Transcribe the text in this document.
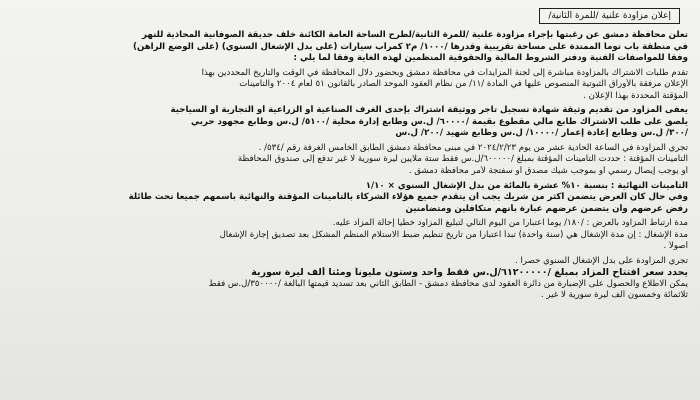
إعلان مزاودة علنية /للمرة الثانية/
تعلن محافظة دمشق عن رغبتها بإجراء مزاودة علنية /للمرة الثانية/لطرح الساحة العامة الكائنة خلف حديقة الصوفانية المحاذية للنهر
في منطقة باب توما الممتدة على مساحة تقريبية وقدرها /١٠٠٠/ م٢ كمرآب سيارات (على بدل الإشغال السنوي) (على الوضع الراهن)
وفقاً للمواصفات الفنية ودفتر الشروط المالية والحقوقية المنظمين لهذه الغاية وفقاً لما يلي :
تقدم طلبات الاشتراك بالمزاودة مباشرة إلى لجنة المزايدات في محافظة دمشق وبحضور دلال المحافظة في الوقت والتاريخ المحددين بهذا
الإعلان مرفقة بالأوراق الثبوتية المنصوص عليها في المادة /١١/ من نظام العقود الموحد الصادر بالقانون ٥١ لعام ٢٠٠٤ والتأمينات
المؤقتة المحددة بهذا الإعلان .
يعفى المزاود من تقديم وثيقة شهادة تسجيل تاجر ووثيقة اشتراك بإحدى الغرف الصناعية أو الزراعية أو التجارية أو السياحية
يلصق على طلب الاشتراك طابع مالي مقطوع بقيمة /٦٠٠٠٠/ ل.س وطابع إدارة محلية /٥١٠٠/ ل.س وطابع مجهود حربي
/٣٠٠/ ل.س وطابع إعادة إعمار /١٠٠٠٠/ ل.س وطابع شهيد /٢٠٠/ ل.س
تجري المزاودة في الساعة الحادية عشر من يوم ٢٠٢٤/٢/٢٣ في مبنى محافظة دمشق الطابق الخامس الغرفة رقم /٥٣٤/ .
التأمينات المؤقتة : حددت التأمينات المؤقتة بمبلغ /٦٠٠٠٠٠/ل.س فقط ستة ملايين ليرة سورية لا غير تدفع إلى صندوق المحافظة
أو يوجب إيصال رسمي أو بموجب شيك مصدق أو سفتجة لأمر محافظة دمشق .
التأمينات النهائية : بنسبة ١٠% عشرة بالمائة من بدل الإشغال السنوي × ١/١٠
وفي حال كان العرض يتضمن أكثر من شريك يجب أن يتقدم جميع هؤلاء الشركاء بالتأمينات المؤقتة والنهائية باسمهم جميعاً تحت طائلة
رفض عرضهم وأن يتضمن عرضهم عبارة بأنهم متكافلين ومتضامنين
مدة ارتباط المزاود بالعرض : /١٨٠/ يوماً اعتباراً من اليوم التالي لتبليغ المزاود خطياً إحالة المزاد عليه.
مدة الإشغال : إن مدة الإشغال هي (سنة واحدة) تبدأ اعتباراً من تاريخ تنظيم ضبط الاستلام المنظم المشكل بعد تصديق إجازة الإشغال
أصولاً .
تجري المزاودة على بدل الإشغال السنوي حصراً .
يحدد سعر افتتاح المزاد بمبلغ /٦١٢٠٠٠٠٠/ل.س فقط واحد وستون مليوناً ومئتا ألف ليرة سورية
يمكن الاطلاع والحصول على الإضبارة من دائرة العقود لدى محافظة دمشق - الطابق الثاني بعد تسديد قيمتها البالغة /٣٥٠٠٠٠/ل.س فقط
ثلاثمائة وخمسون ألف ليرة سورية لا غير .
